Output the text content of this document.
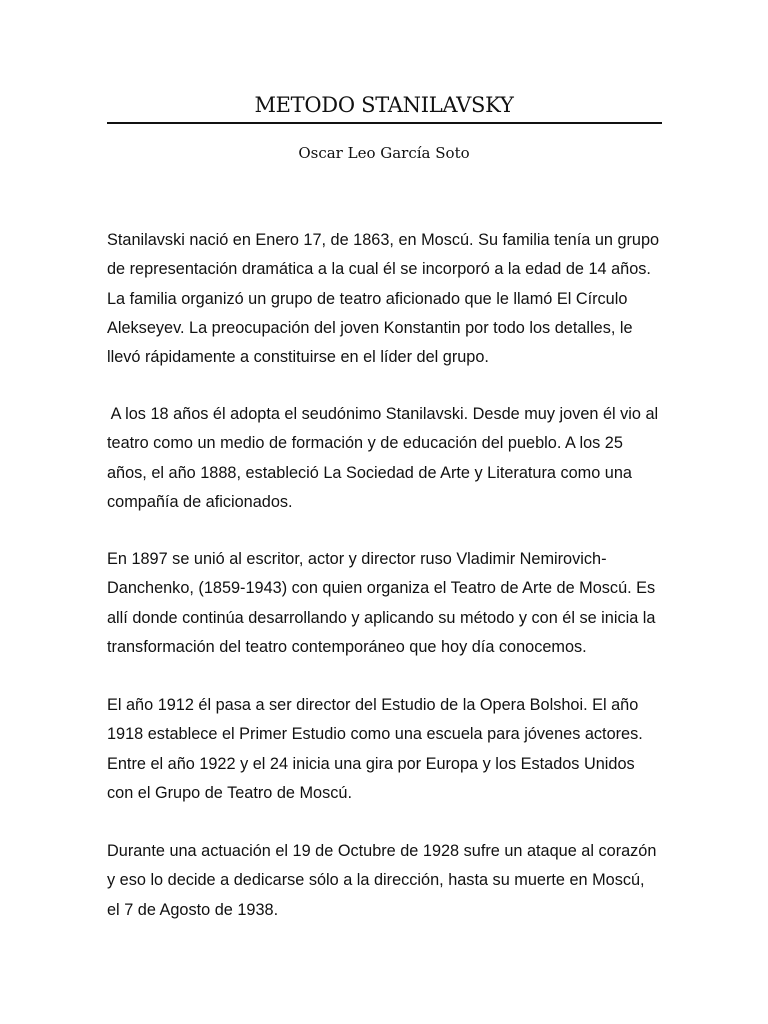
METODO STANILAVSKY
Oscar Leo García Soto
Stanilavski nació en Enero 17, de 1863, en Moscú. Su familia tenía un grupo
de representación dramática a la cual él se incorporó a la edad de 14 años.
La familia organizó un grupo de teatro aficionado que le llamó El Círculo
Alekseyev. La preocupación del joven Konstantin por todo los detalles, le
llevó rápidamente a constituirse en el líder del grupo.
A los 18 años él adopta el seudónimo Stanilavski. Desde muy joven él vio al
teatro como un medio de formación y de educación del pueblo. A los 25
años, el año 1888, estableció La Sociedad de Arte y Literatura como una
compañía de aficionados.
En 1897 se unió al escritor, actor y director ruso Vladimir Nemirovich-
Danchenko, (1859-1943) con quien organiza el Teatro de Arte de Moscú. Es
allí donde continúa desarrollando y aplicando su método y con él se inicia la
transformación del teatro contemporáneo que hoy día conocemos.
El año 1912 él pasa a ser director del Estudio de la Opera Bolshoi. El año
1918 establece el Primer Estudio como una escuela para jóvenes actores.
Entre el año 1922 y el 24 inicia una gira por Europa y los Estados Unidos
con el Grupo de Teatro de Moscú.
Durante una actuación el 19 de Octubre de 1928 sufre un ataque al corazón
y eso lo decide a dedicarse sólo a la dirección, hasta su muerte en Moscú,
el 7 de Agosto de 1938.
